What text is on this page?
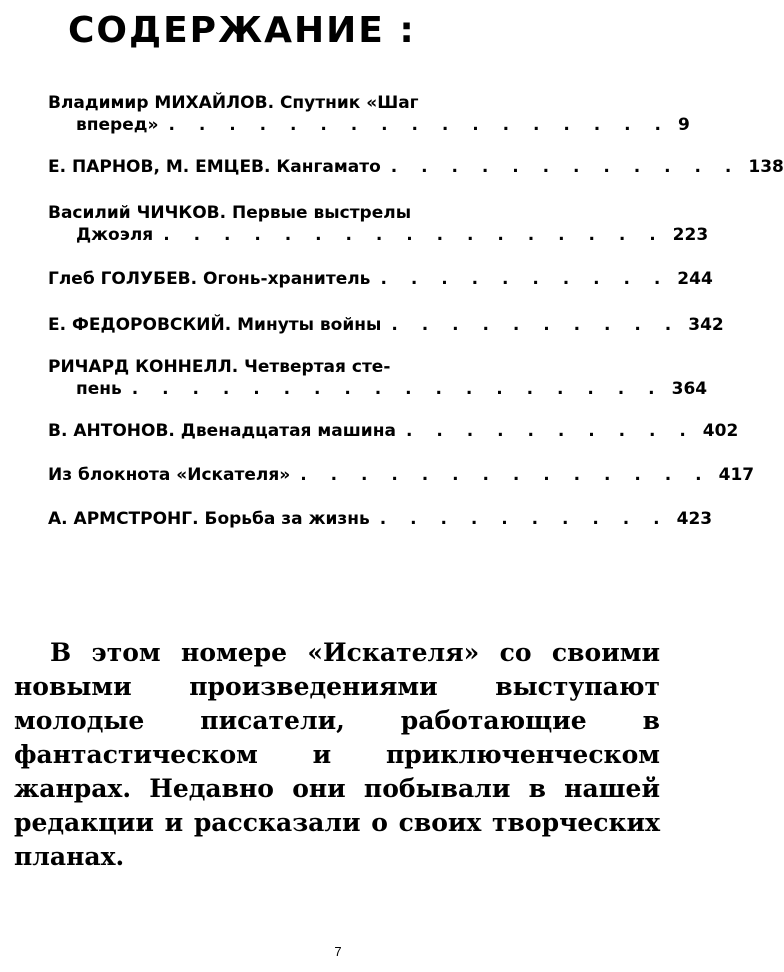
СОДЕРЖАНИЕ :
Владимир МИХАЙЛОВ. Спутник «Шаг
вперед» . . . . . . . . . . . . . . . . . 9
Е. ПАРНОВ, М. ЕМЦЕВ. Кангамато . . . . . . . . . . . . 138
Василий ЧИЧКОВ. Первые выстрелы
Джоэля . . . . . . . . . . . . . . . . . 223
Глеб ГОЛУБЕВ. Огонь-хранитель . . . . . . . . . . 244
Е. ФЕДОРОВСКИЙ. Минуты войны . . . . . . . . . . 342
РИЧАРД КОННЕЛЛ. Четвертая сте-
пень . . . . . . . . . . . . . . . . . . 364
В. АНТОНОВ. Двенадцатая машина . . . . . . . . . . 402
Из блокнота «Искателя» . . . . . . . . . . . . . . 417
А. АРМСТРОНГ. Борьба за жизнь . . . . . . . . . . 423

В этом номере «Искателя» со своими новыми произведениями выступают молодые писатели, работающие в фантастическом и приключенческом жанрах. Недавно они побывали в нашей редакции и рассказали о своих творческих планах.

7
